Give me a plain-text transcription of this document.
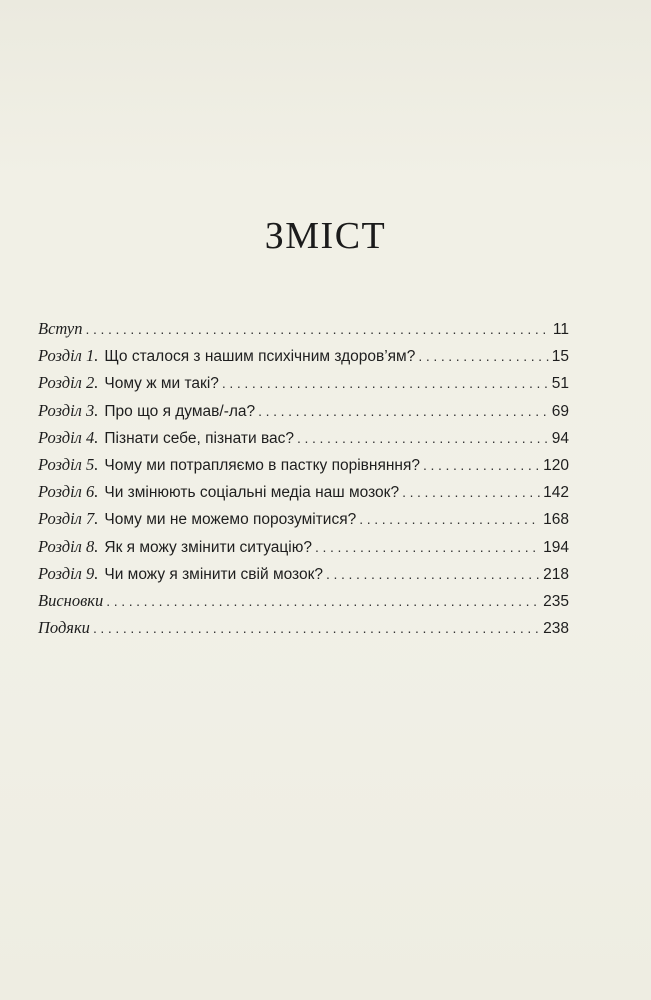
ЗМІСТ
Вступ .....	11
Розділ 1. Що сталося з нашим психічним здоров’ям? .....	15
Розділ 2. Чому ж ми такі? .....	51
Розділ 3. Про що я думав/-ла? .....	69
Розділ 4. Пізнати себе, пізнати вас? .....	94
Розділ 5. Чому ми потрапляємо в пастку порівняння? .....	120
Розділ 6. Чи змінюють соціальні медіа наш мозок? .....	142
Розділ 7. Чому ми не можемо порозумітися? .....	168
Розділ 8. Як я можу змінити ситуацію? .....	194
Розділ 9. Чи можу я змінити свій мозок? .....	218
Висновки .....	235
Подяки .....	238
